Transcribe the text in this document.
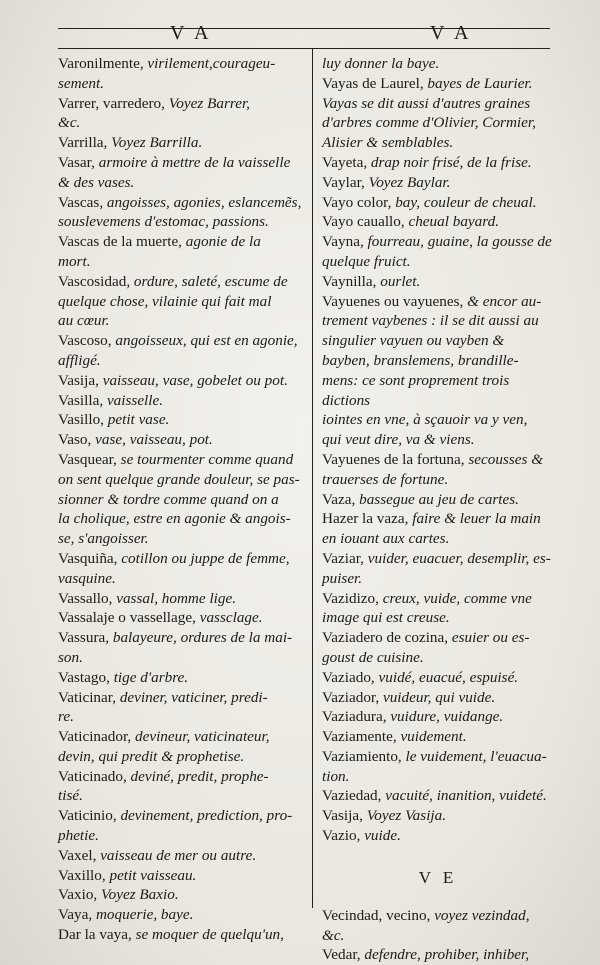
V A	V A

Varonilmente, virilement,courageu-
sement.

Varrer, varredero, Voyez Barrer,
&c.

Varrilla, Voyez Barrilla.

Vasar, armoire à mettre de la vaisselle
& des vases.

Vascas, angoisses, agonies, eslancemẽs,
souslevemens d'estomac, passions.

Vascas de la muerte, agonie de la
mort.

Vascosidad, ordure, saleté, escume de
quelque chose, vilainie qui fait mal
au cœur.

Vascoso, angoisseux, qui est en agonie,
affligé.

Vasija, vaisseau, vase, gobelet ou pot.

Vasilla, vaisselle.

Vasillo, petit vase.

Vaso, vase, vaisseau, pot.

Vasquear, se tourmenter comme quand
on sent quelque grande douleur, se pas-
sionner & tordre comme quand on a
la cholique, estre en agonie & angois-
se, s'angoisser.

Vasquiña, cotillon ou juppe de femme,
vasquine.

Vassallo, vassal, homme lige.

Vassalaje o vassellage, vassclage.

Vassura, balayeure, ordures de la mai-
son.

Vastago, tige d'arbre.

Vaticinar, deviner, vaticiner, predi-
re.

Vaticinador, devineur, vaticinateur,
devin, qui predit & prophetise.

Vaticinado, deviné, predit, prophe-
tisé.

Vaticinio, devinement, prediction, pro-
phetie.

Vaxel, vaisseau de mer ou autre.

Vaxillo, petit vaisseau.

Vaxio, Voyez Baxio.

Vaya, moquerie, baye.

Dar la vaya, se moquer de quelqu'un,

luy donner la baye.

Vayas de Laurel, bayes de Laurier.
Vayas se dit aussi d'autres graines
d'arbres comme d'Olivier, Cormier,
Alisier & semblables.

Vayeta, drap noir frisé, de la frise.

Vaylar, Voyez Baylar.

Vayo color, bay, couleur de cheual.

Vayo cauallo, cheual bayard.

Vayna, fourreau, guaine, la gousse de
quelque fruict.

Vaynilla, ourlet.

Vayuenes ou vayuenes, & encor au-
trement vaybenes : il se dit aussi au
singulier vayuen ou vayben &
bayben, branslemens, brandille-
mens: ce sont proprement trois dictions
iointes en vne, à sçauoir va y ven,
qui veut dire, va & viens.

Vayuenes de la fortuna, secousses &
trauerses de fortune.

Vaza, bassegue au jeu de cartes.

Hazer la vaza, faire & leuer la main
en iouant aux cartes.

Vaziar, vuider, euacuer, desemplir, es-
puiser.

Vazidizo, creux, vuide, comme vne
image qui est creuse.

Vaziadero de cozina, esuier ou es-
goust de cuisine.

Vaziado, vuidé, euacué, espuisé.

Vaziador, vuideur, qui vuide.

Vaziadura, vuidure, vuidange.

Vaziamente, vuidement.

Vaziamiento, le vuidement, l'euacua-
tion.

Vaziedad, vacuité, inanition, vuideté.

Vasija, Voyez Vasija.

Vazio, vuide.

V E

Vecindad, vecino, voyez vezindad,
&c.

Vedar, defendre, prohiber, inhiber,
